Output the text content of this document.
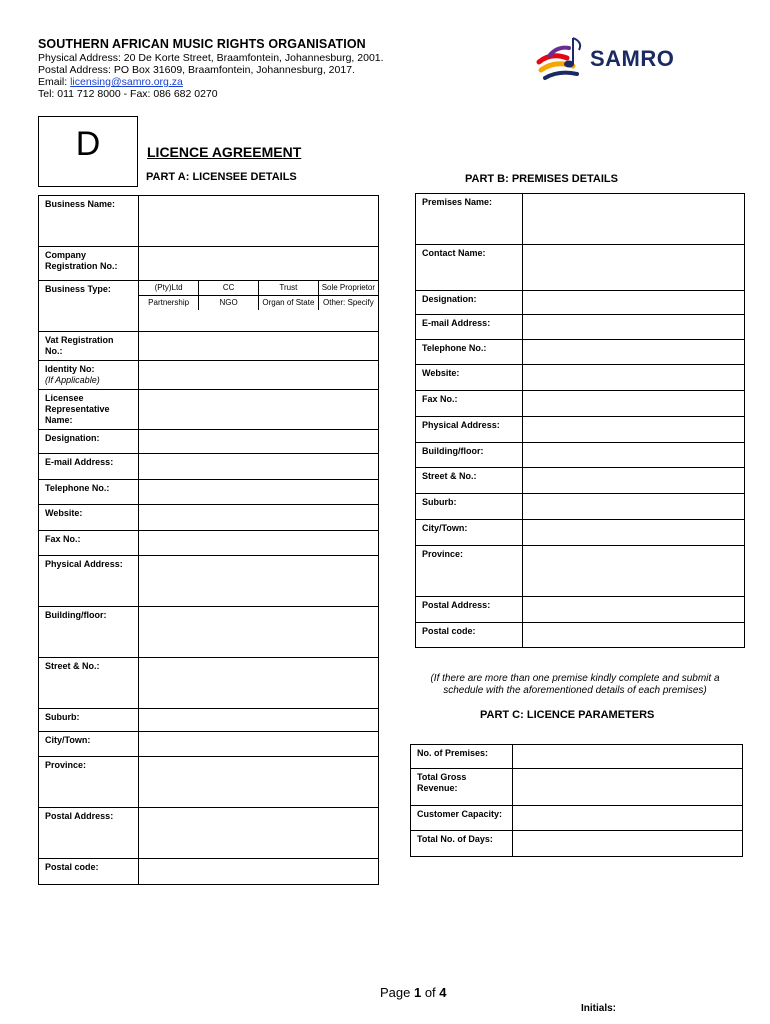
SOUTHERN AFRICAN MUSIC RIGHTS ORGANISATION
Physical Address: 20 De Korte Street, Braamfontein, Johannesburg, 2001.
Postal Address: PO Box 31609, Braamfontein, Johannesburg, 2017.
Email: licensing@samro.org.za
Tel: 011 712 8000 - Fax: 086 682 0270
SAMRO
D	LICENCE AGREEMENT
PART A: LICENSEE DETAILS	PART B: PREMISES DETAILS
Business Name:	
Company Registration No.:	
Business Type:		(Pty)Ltd	CC	Trust	Sole Proprietor
Partnership	NGO	Organ of State	Other: Specify

Vat Registration No.:	
Identity No:
(If Applicable)	
Licensee Representative Name:	
Designation:	
E-mail Address:	
Telephone No.:	
Website:	
Fax No.:	
Physical Address:	
Building/floor:	
Street & No.:	
Suburb:	
City/Town:	
Province:	
Postal Address:	
Postal code:	
Premises Name:	
Contact Name:	
Designation:	
E-mail Address:	
Telephone No.:	
Website:	
Fax No.:	
Physical Address:	
Building/floor:	
Street & No.:	
Suburb:	
City/Town:	
Province:	
Postal Address:	
Postal code:	
(If there are more than one premise kindly complete and submit a schedule with the aforementioned details of each premises)
PART C: LICENCE PARAMETERS
No. of Premises:	
Total Gross Revenue:	
Customer Capacity:	
Total No. of Days:	
Page 1 of 4
Initials:
